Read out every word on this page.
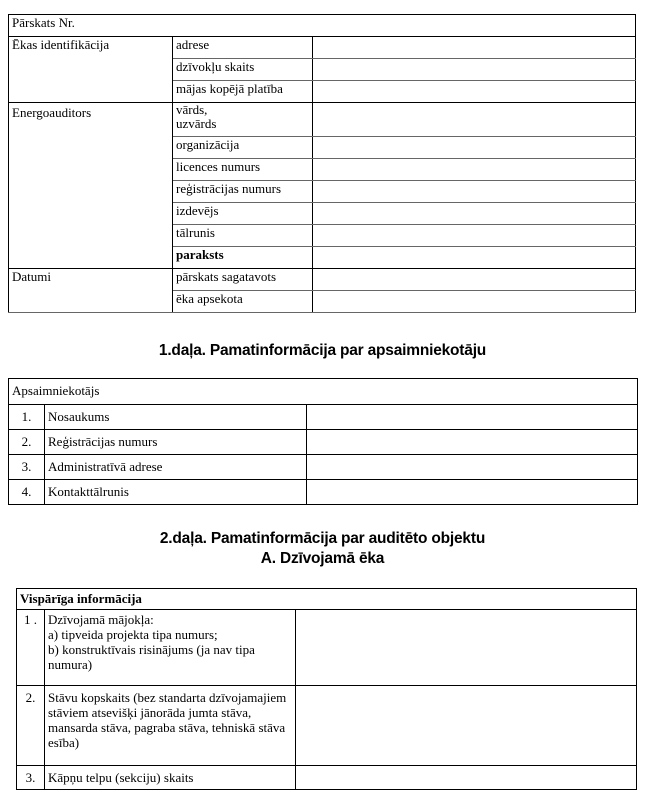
Pārskats Nr.		
Ēkas identifikācija	adrese	
	dzīvokļu skaits	
	mājas kopējā platība	
Energoauditors	vārds,
uzvārds	
	organizācija	
	licences numurs	
	reģistrācijas numurs	
	izdevējs	
	tālrunis	
	paraksts	
Datumi	pārskats sagatavots	
	ēka apsekota	
1.daļa. Pamatinformācija par apsaimniekotāju
Apsaimniekotājs		
1.	Nosaukums	
2.	Reģistrācijas numurs	
3.	Administratīvā adrese	
4.	Kontakttālrunis	
2.daļa. Pamatinformācija par auditēto objektu
A. Dzīvojamā ēka
Vispārīga informācija		
1 .	Dzīvojamā mājokļa:
a) tipveida projekta tipa numurs;
b) konstruktīvais risinājums (ja nav tipa numura)	
2.	Stāvu kopskaits (bez standarta dzīvojamajiem stāviem atsevišķi jānorāda jumta stāva, mansarda stāva, pagraba stāva, tehniskā stāva esība)	
3.	Kāpņu telpu (sekciju) skaits	
